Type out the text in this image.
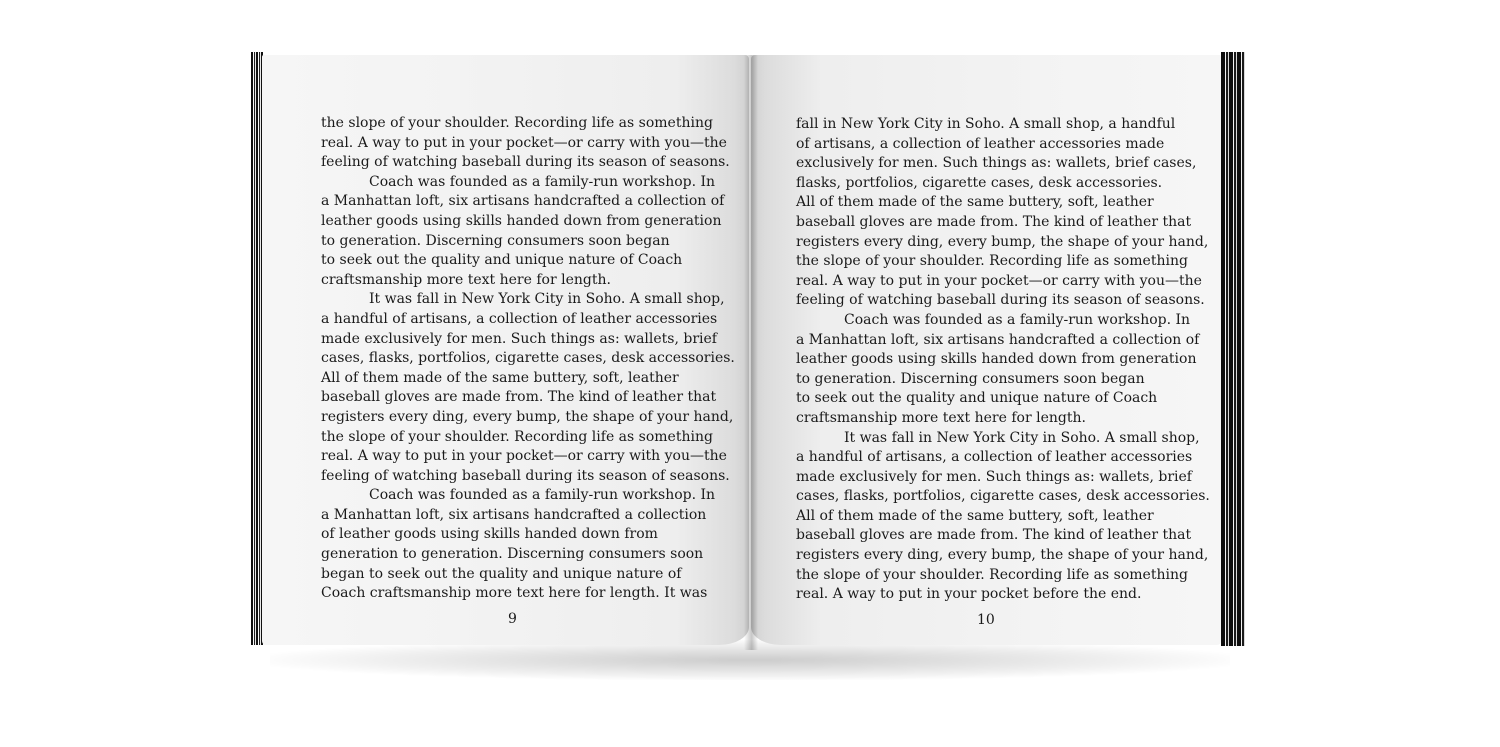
the slope of your shoulder. Recording life as something
real. A way to put in your pocket—or carry with you—the
feeling of watching baseball during its season of seasons.
Coach was founded as a family-run workshop. In
a Manhattan loft, six artisans handcrafted a collection of
leather goods using skills handed down from generation
to generation. Discerning consumers soon began
to seek out the quality and unique nature of Coach
craftsmanship more text here for length.
It was fall in New York City in Soho. A small shop,
a handful of artisans, a collection of leather accessories
made exclusively for men. Such things as: wallets, brief
cases, flasks, portfolios, cigarette cases, desk accessories.
All of them made of the same buttery, soft, leather
baseball gloves are made from. The kind of leather that
registers every ding, every bump, the shape of your hand,
the slope of your shoulder. Recording life as something
real. A way to put in your pocket—or carry with you—the
feeling of watching baseball during its season of seasons.
Coach was founded as a family-run workshop. In
a Manhattan loft, six artisans handcrafted a collection
of leather goods using skills handed down from
generation to generation. Discerning consumers soon
began to seek out the quality and unique nature of
Coach craftsmanship more text here for length. It was
fall in New York City in Soho. A small shop, a handful
of artisans, a collection of leather accessories made
exclusively for men. Such things as: wallets, brief cases,
flasks, portfolios, cigarette cases, desk accessories.
All of them made of the same buttery, soft, leather
baseball gloves are made from. The kind of leather that
registers every ding, every bump, the shape of your hand,
the slope of your shoulder. Recording life as something
real. A way to put in your pocket—or carry with you—the
feeling of watching baseball during its season of seasons.
Coach was founded as a family-run workshop. In
a Manhattan loft, six artisans handcrafted a collection of
leather goods using skills handed down from generation
to generation. Discerning consumers soon began
to seek out the quality and unique nature of Coach
craftsmanship more text here for length.
It was fall in New York City in Soho. A small shop,
a handful of artisans, a collection of leather accessories
made exclusively for men. Such things as: wallets, brief
cases, flasks, portfolios, cigarette cases, desk accessories.
All of them made of the same buttery, soft, leather
baseball gloves are made from. The kind of leather that
registers every ding, every bump, the shape of your hand,
the slope of your shoulder. Recording life as something
real. A way to put in your pocket before the end.
9	10
